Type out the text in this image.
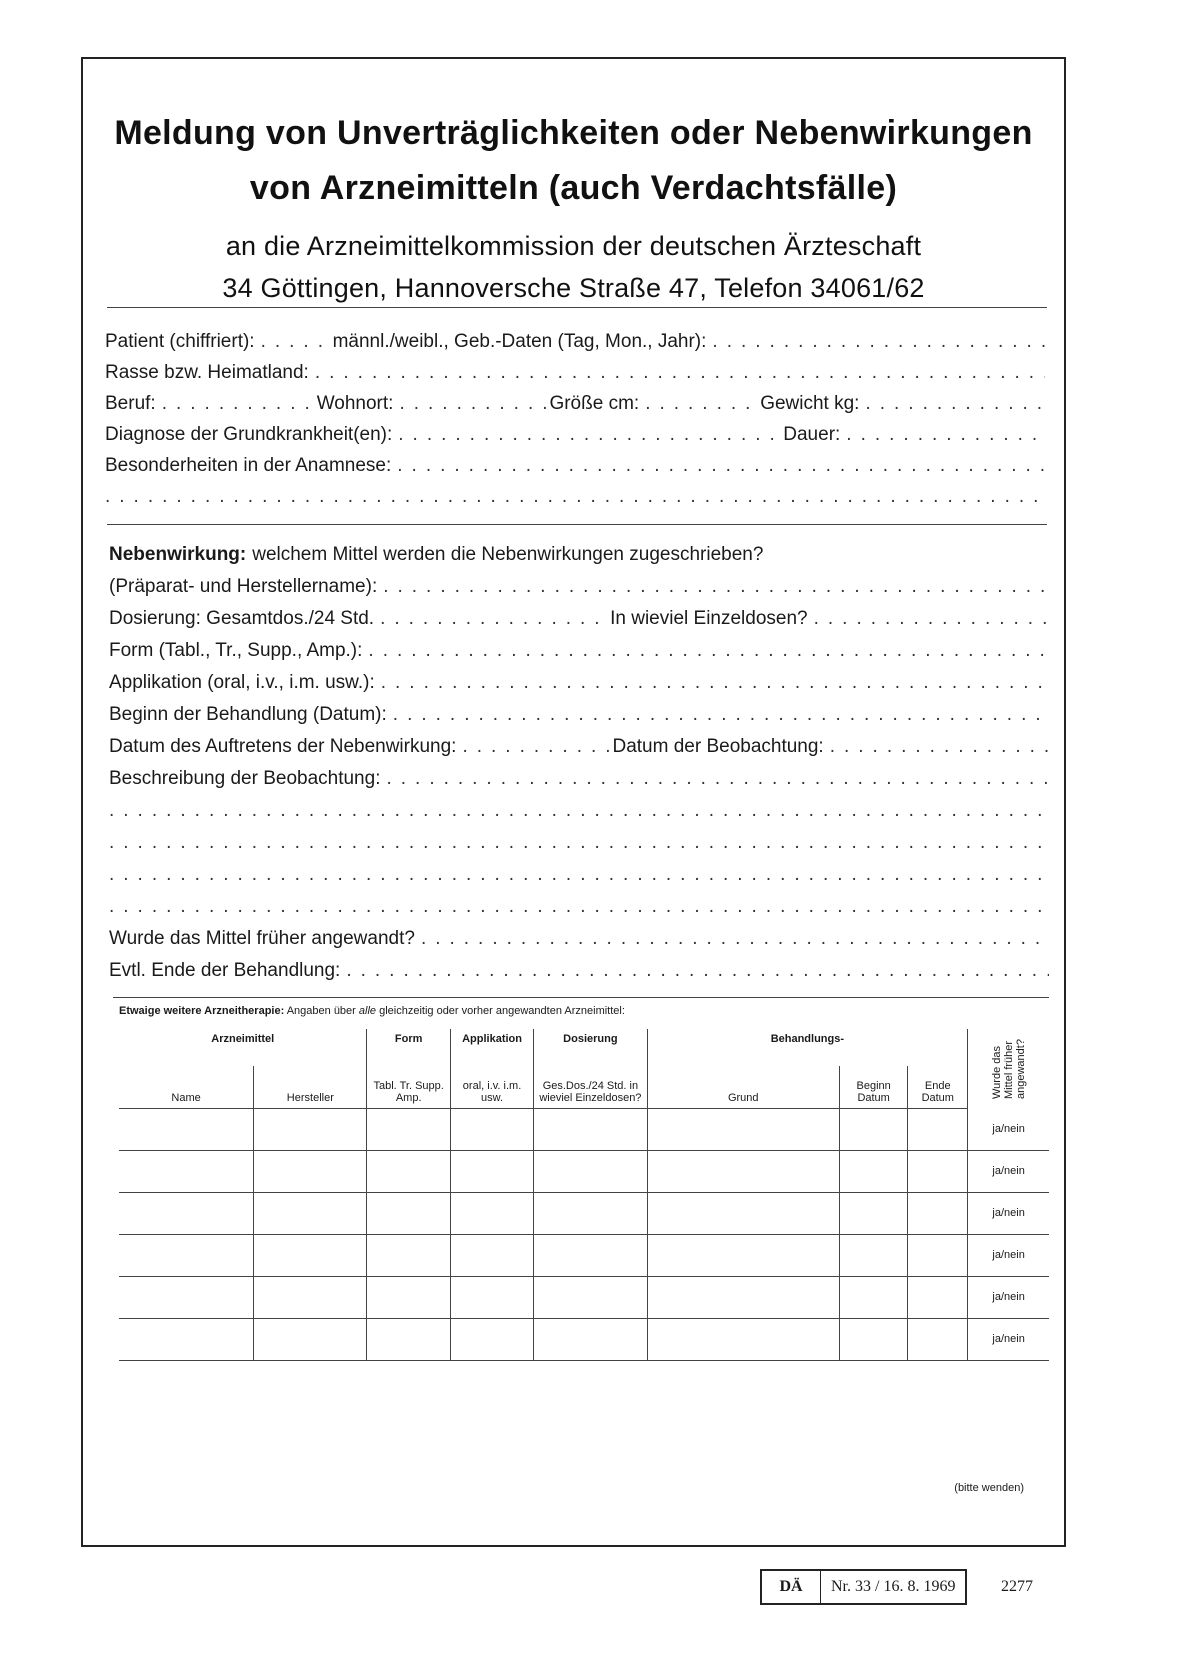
Meldung von Unverträglichkeiten oder Nebenwirkungen
von Arzneimitteln (auch Verdachtsfälle)
an die Arzneimittelkommission der deutschen Ärzteschaft
34 Göttingen, Hannoversche Straße 47, Telefon 34061/62
Patient (chiffriert): .....	männl./weibl., Geb.-Daten (Tag, Mon., Jahr):
.....
Rasse bzw. Heimatland:
.....
Beruf: .....	Wohnort: .....	Größe cm: .....	Gewicht kg:
.....
Diagnose der Grundkrankheit(en): .....	Dauer:
.....
Besonderheiten in der Anamnese:
.....
.....
Nebenwirkung: welchem Mittel werden die Nebenwirkungen zugeschrieben?
(Präparat- und Herstellername):
.....
Dosierung: Gesamtdos./24 Std. .....	In wieviel Einzeldosen?
.....
Form (Tabl., Tr., Supp., Amp.):
.....
Applikation (oral, i.v., i.m. usw.):
.....
Beginn der Behandlung (Datum):
.....
Datum des Auftretens der Nebenwirkung: .....	Datum der Beobachtung:
.....
Beschreibung der Beobachtung:
.....
.....
.....
.....
.....
Wurde das Mittel früher angewandt?
.....
Evtl. Ende der Behandlung:
.....
Etwaige weitere Arzneitherapie: Angaben über alle gleichzeitig oder vorher angewandten Arzneimittel:
Arzneimittel		Form	Applikation	Dosierung	Behandlungs-			Wurde das Mittel früher angewandt?
Name	Hersteller	Tabl. Tr. Supp. Amp.	oral, i.v. i.m. usw.	Ges.Dos./24 Std. in wieviel Einzeldosen?	Grund	Beginn Datum	Ende Datum	
								ja/nein
								ja/nein
								ja/nein
								ja/nein
								ja/nein
								ja/nein
(bitte wenden)
DÄ	Nr. 33 / 16. 8. 1969	2277
